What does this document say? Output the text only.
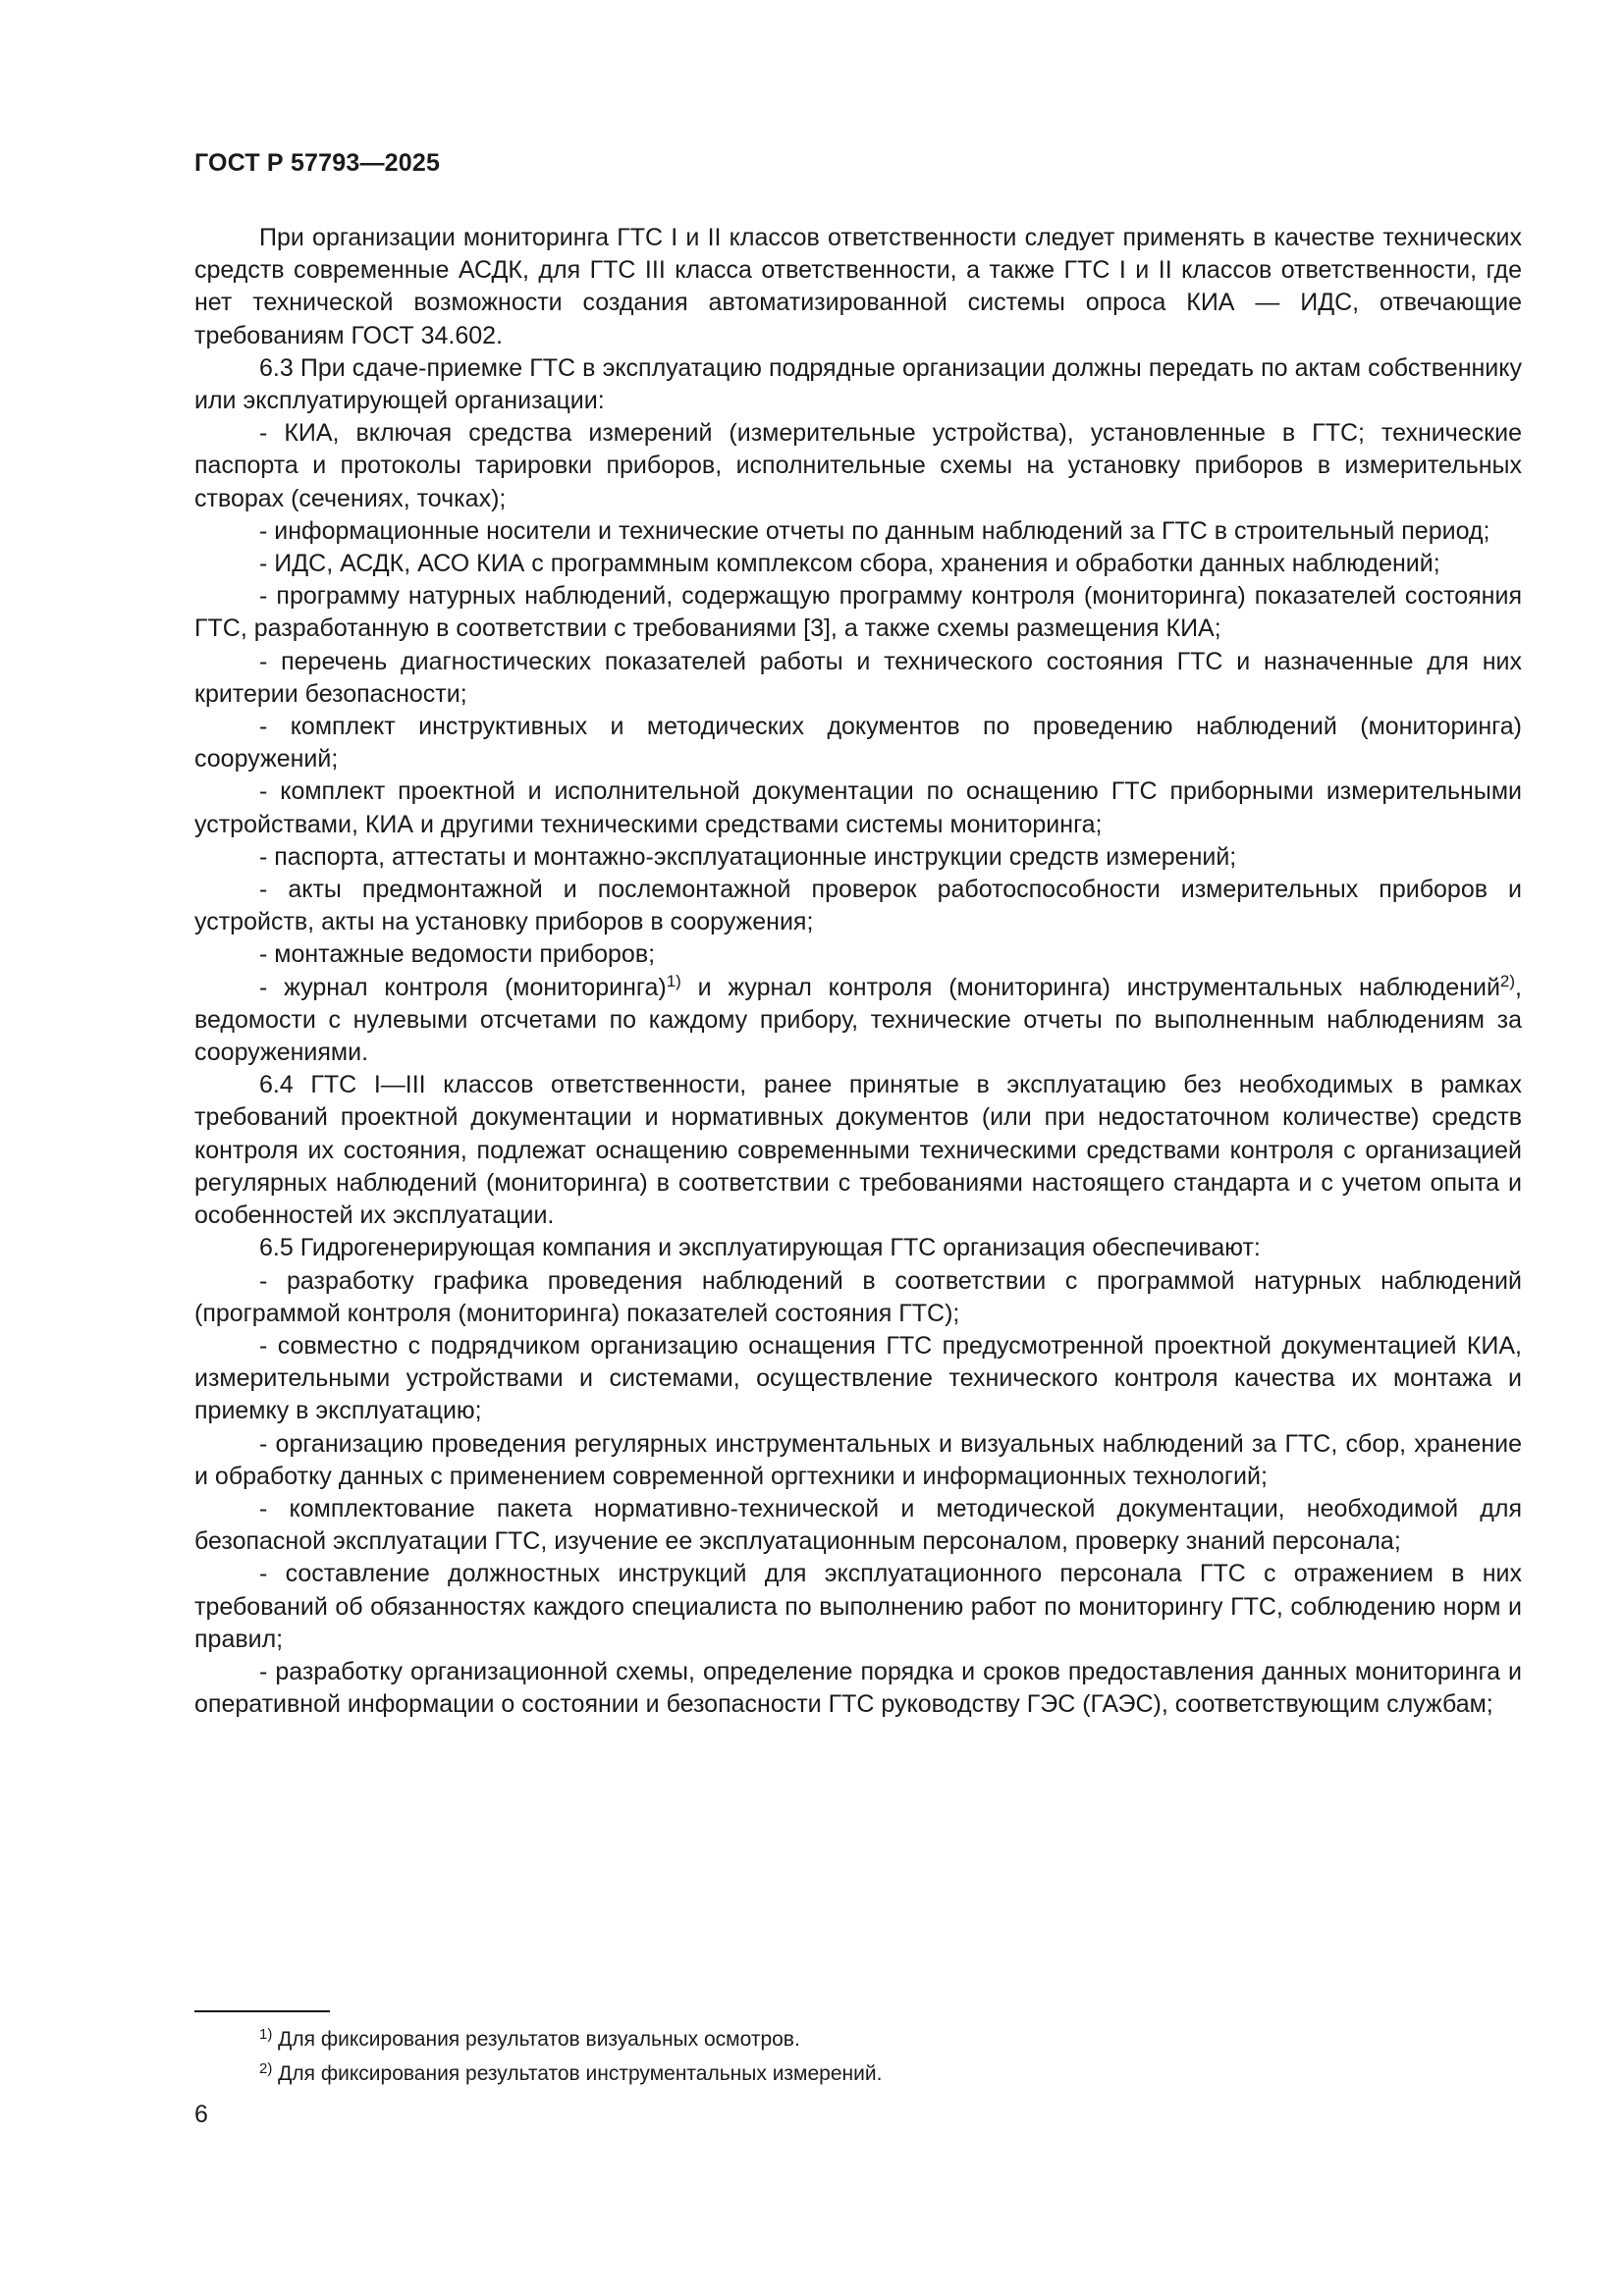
ГОСТ Р 57793—2025

При организации мониторинга ГТС I и II классов ответственности следует применять в качестве технических средств современные АСДК, для ГТС III класса ответственности, а также ГТС I и II классов ответственности, где нет технической возможности создания автоматизированной системы опроса КИА — ИДС, отвечающие требованиям ГОСТ 34.602.

6.3 При сдаче-приемке ГТС в эксплуатацию подрядные организации должны передать по актам собственнику или эксплуатирующей организации:

- КИА, включая средства измерений (измерительные устройства), установленные в ГТС; технические паспорта и протоколы тарировки приборов, исполнительные схемы на установку приборов в измерительных створах (сечениях, точках);

- информационные носители и технические отчеты по данным наблюдений за ГТС в строительный период;

- ИДС, АСДК, АСО КИА с программным комплексом сбора, хранения и обработки данных наблюдений;

- программу натурных наблюдений, содержащую программу контроля (мониторинга) показателей состояния ГТС, разработанную в соответствии с требованиями [3], а также схемы размещения КИА;

- перечень диагностических показателей работы и технического состояния ГТС и назначенные для них критерии безопасности;

- комплект инструктивных и методических документов по проведению наблюдений (мониторинга) сооружений;

- комплект проектной и исполнительной документации по оснащению ГТС приборными измерительными устройствами, КИА и другими техническими средствами системы мониторинга;

- паспорта, аттестаты и монтажно-эксплуатационные инструкции средств измерений;

- акты предмонтажной и послемонтажной проверок работоспособности измерительных приборов и устройств, акты на установку приборов в сооружения;

- монтажные ведомости приборов;

- журнал контроля (мониторинга)$^{1)}$ и журнал контроля (мониторинга) инструментальных наблюдений$^{2)}$, ведомости с нулевыми отсчетами по каждому прибору, технические отчеты по выполненным наблюдениям за сооружениями.

6.4 ГТС I—III классов ответственности, ранее принятые в эксплуатацию без необходимых в рамках требований проектной документации и нормативных документов (или при недостаточном количестве) средств контроля их состояния, подлежат оснащению современными техническими средствами контроля с организацией регулярных наблюдений (мониторинга) в соответствии с требованиями настоящего стандарта и с учетом опыта и особенностей их эксплуатации.

6.5 Гидрогенерирующая компания и эксплуатирующая ГТС организация обеспечивают:

- разработку графика проведения наблюдений в соответствии с программой натурных наблюдений (программой контроля (мониторинга) показателей состояния ГТС);

- совместно с подрядчиком организацию оснащения ГТС предусмотренной проектной документацией КИА, измерительными устройствами и системами, осуществление технического контроля качества их монтажа и приемку в эксплуатацию;

- организацию проведения регулярных инструментальных и визуальных наблюдений за ГТС, сбор, хранение и обработку данных с применением современной оргтехники и информационных технологий;

- комплектование пакета нормативно-технической и методической документации, необходимой для безопасной эксплуатации ГТС, изучение ее эксплуатационным персоналом, проверку знаний персонала;

- составление должностных инструкций для эксплуатационного персонала ГТС с отражением в них требований об обязанностях каждого специалиста по выполнению работ по мониторингу ГТС, соблюдению норм и правил;

- разработку организационной схемы, определение порядка и сроков предоставления данных мониторинга и оперативной информации о состоянии и безопасности ГТС руководству ГЭС (ГАЭС), соответствующим службам;

$^{1)}$ Для фиксирования результатов визуальных осмотров.
$^{2)}$ Для фиксирования результатов инструментальных измерений.
6
